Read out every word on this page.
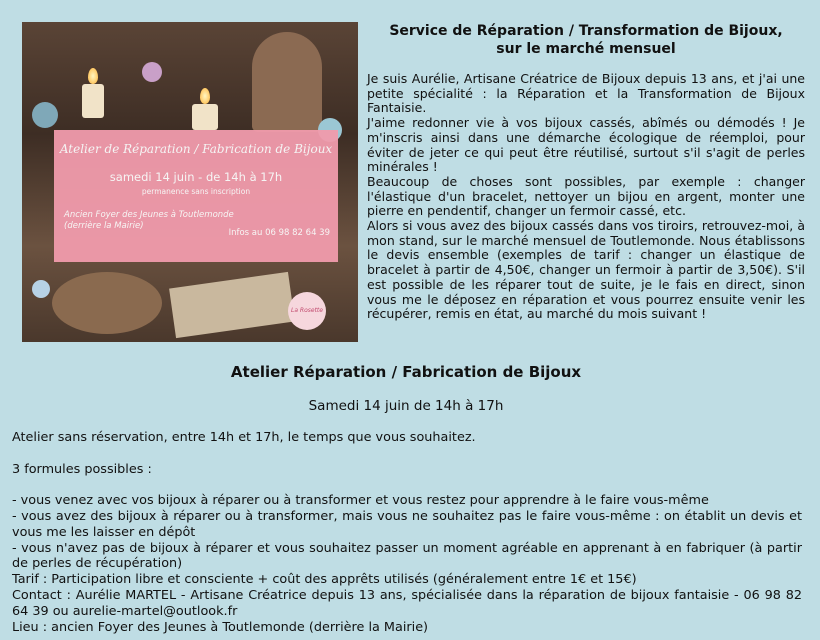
Atelier de Réparation / Fabrication de Bijoux
samedi 14 juin - de 14h à 17h
permanence sans inscription
Ancien Foyer des Jeunes à Toutlemonde
(derrière la Mairie)
Infos au 06 98 82 64 39
La Rosette
Service de Réparation / Transformation de Bijoux,
sur le marché mensuel

Je suis Aurélie, Artisane Créatrice de Bijoux depuis 13 ans, et j'ai une petite spécialité : la Réparation et la Transformation de Bijoux Fantaisie.

J'aime redonner vie à vos bijoux cassés, abîmés ou démodés ! Je m'inscris ainsi dans une démarche écologique de réemploi, pour éviter de jeter ce qui peut être réutilisé, surtout s'il s'agit de perles minérales !

Beaucoup de choses sont possibles, par exemple : changer l'élastique d'un bracelet, nettoyer un bijou en argent, monter une pierre en pendentif, changer un fermoir cassé, etc.

Alors si vous avez des bijoux cassés dans vos tiroirs, retrouvez-moi, à mon stand, sur le marché mensuel de Toutlemonde. Nous établissons le devis ensemble (exemples de tarif : changer un élastique de bracelet à partir de 4,50€, changer un fermoir à partir de 3,50€). S'il est possible de les réparer tout de suite, je le fais en direct, sinon vous me le déposez en réparation et vous pourrez ensuite venir les récupérer, remis en état, au marché du mois suivant !

Atelier Réparation / Fabrication de Bijoux
Samedi 14 juin de 14h à 17h

Atelier sans réservation, entre 14h et 17h, le temps que vous souhaitez.

3 formules possibles :

- vous venez avec vos bijoux à réparer ou à transformer et vous restez pour apprendre à le faire vous-même

- vous avez des bijoux à réparer ou à transformer, mais vous ne souhaitez pas le faire vous-même : on établit un devis et vous me les laisser en dépôt

- vous n'avez pas de bijoux à réparer et vous souhaitez passer un moment agréable en apprenant à en fabriquer (à partir de perles de récupération)

Tarif : Participation libre et consciente + coût des apprêts utilisés (généralement entre 1€ et 15€)

Contact : Aurélie MARTEL - Artisane Créatrice depuis 13 ans, spécialisée dans la réparation de bijoux fantaisie - 06 98 82 64 39 ou aurelie-martel@outlook.fr

Lieu : ancien Foyer des Jeunes à Toutlemonde (derrière la Mairie)
